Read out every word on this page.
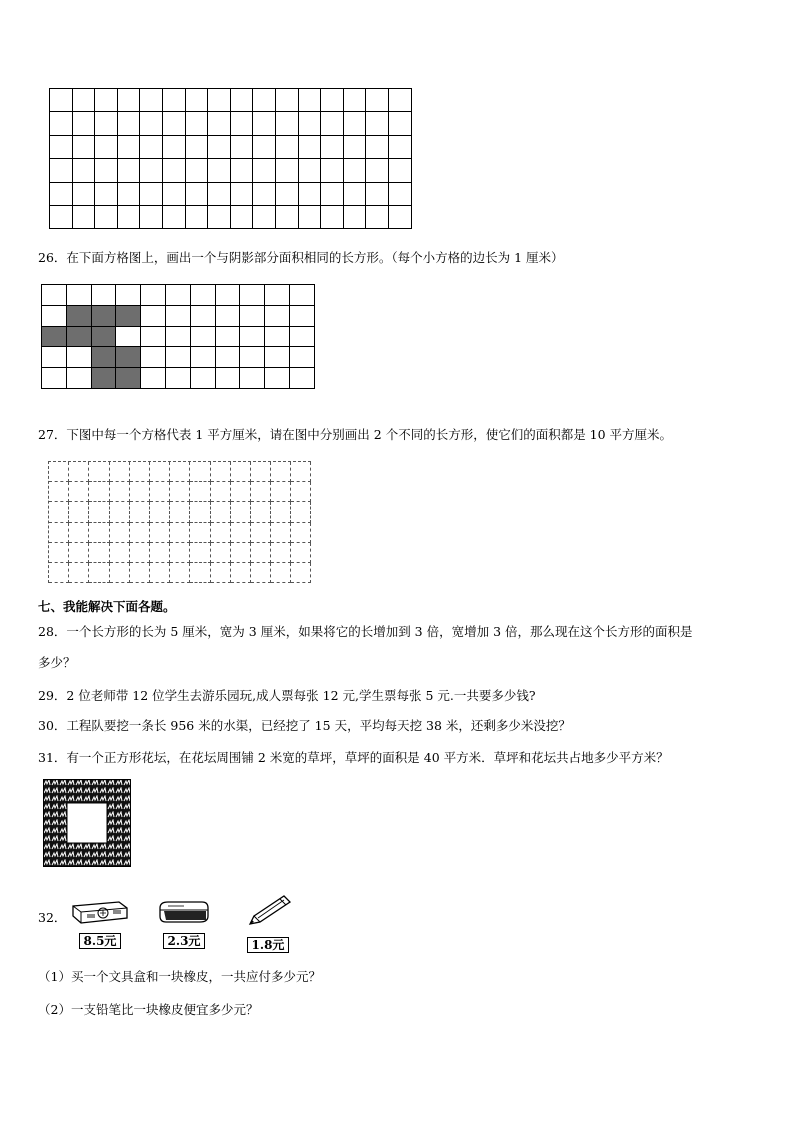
26．在下面方格图上，画出一个与阴影部分面积相同的长方形。（每个小方格的边长为 1 厘米）
27．下图中每一个方格代表 1 平方厘米，请在图中分别画出 2 个不同的长方形，使它们的面积都是 10 平方厘米。
七、我能解决下面各题。
28．一个长方形的长为 5 厘米，宽为 3 厘米，如果将它的长增加到 3 倍，宽增加 3 倍，那么现在这个长方形的面积是
多少？
29．2 位老师带 12 位学生去游乐园玩,成人票每张 12 元,学生票每张 5 元.一共要多少钱?
30．工程队要挖一条长 956 米的水渠，已经挖了 15 天，平均每天挖 38 米，还剩多少米没挖？
31．有一个正方形花坛，在花坛周围铺 2 米宽的草坪，草坪的面积是 40 平方米．草坪和花坛共占地多少平方米？
32．
8.5元	2.3元	1.8元
（1）买一个文具盒和一块橡皮，一共应付多少元？
（2）一支铅笔比一块橡皮便宜多少元？
